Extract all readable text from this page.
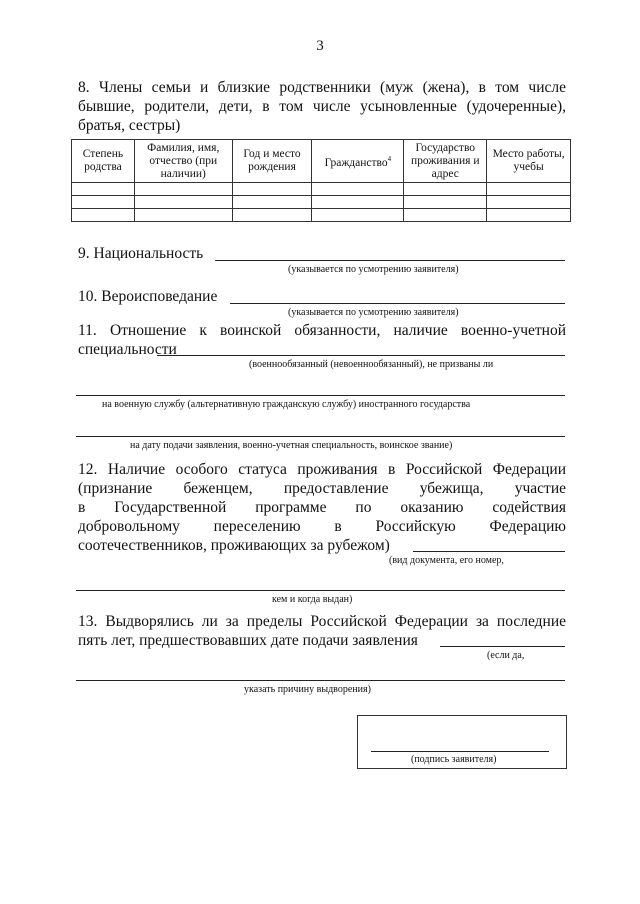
3

8. Члены семьи и близкие родственники (муж (жена), в том числе

бывшие, родители, дети, в том числе усыновленные (удочеренные),

братья, сестры)

Степень родства	Фамилия, имя, отчество (при наличии)	Год и место рождения	Гражданство$^4$	Государство проживания и адрес	Место работы, учебы

9. Национальность
(указывается по усмотрению заявителя)
10. Вероисповедание
(указывается по усмотрению заявителя)

11. Отношение к воинской обязанности, наличие военно-учетной

специальности

(военнообязанный (невоеннообязанный), не призваны ли
на военную службу (альтернативную гражданскую службу) иностранного государства
на дату подачи заявления, военно-учетная специальность, воинское звание)

12. Наличие особого статуса проживания в Российской Федерации

(признание беженцем, предоставление убежища, участие

в Государственной программе по оказанию содействия

добровольному переселению в Российскую Федерацию

соотечественников, проживающих за рубежом)

(вид документа, его номер,
кем и когда выдан)

13. Выдворялись ли за пределы Российской Федерации за последние

пять лет, предшествовавших дате подачи заявления

(если да,
указать причину выдворения)
(подпись заявителя)
